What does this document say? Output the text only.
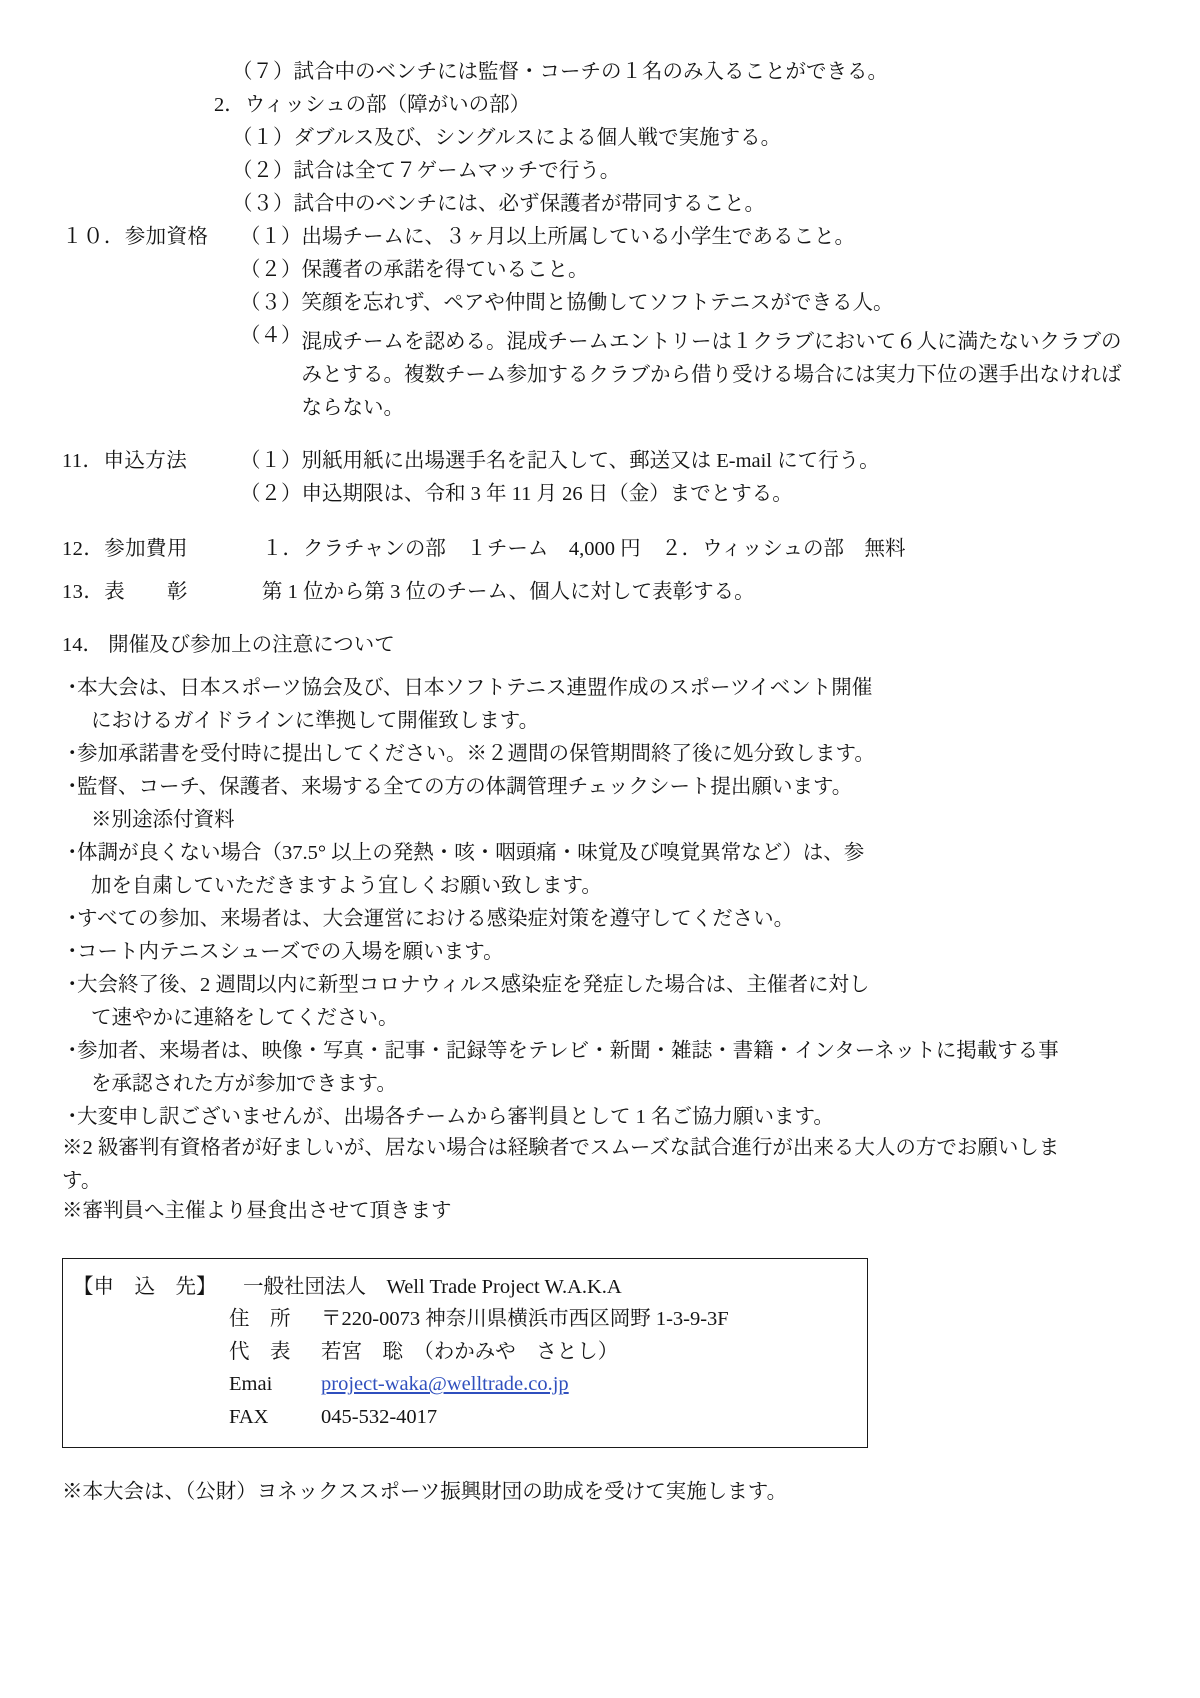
（７）試合中のベンチには監督・コーチの１名のみ入ることができる。
2．ウィッシュの部（障がいの部）
（１）ダブルス及び、シングルスによる個人戦で実施する。
（２）試合は全て７ゲームマッチで行う。
（３）試合中のベンチには、必ず保護者が帯同すること。
１０．参加資格	（１） 出場チームに、３ヶ月以上所属している小学生であること。
（２） 保護者の承諾を得ていること。
（３） 笑顔を忘れず、ペアや仲間と協働してソフトテニスができる人。
（４） 混成チームを認める。混成チームエントリーは１クラブにおいて６人に満たないクラブのみとする。複数チーム参加するクラブから借り受ける場合には実力下位の選手出なければならない。
11．申込方法	（１） 別紙用紙に出場選手名を記入して、郵送又は E-mail にて行う。
（２） 申込期限は、令和 3 年 11 月 26 日（金）までとする。
12．参加費用	１．クラチャンの部　１チーム　4,000 円　２．ウィッシュの部　無料
13．表　　彰	第 1 位から第 3 位のチーム、個人に対して表彰する。
14． 開催及び参加上の注意について
・
本大会は、日本スポーツ協会及び、日本ソフトテニス連盟作成のスポーツイベント開催
におけるガイドラインに準拠して開催致します。
・
参加承諾書を受付時に提出してください。※２週間の保管期間終了後に処分致します。
・
監督、コーチ、保護者、来場する全ての方の体調管理チェックシート提出願います。
※別途添付資料
・
体調が良くない場合（37.5° 以上の発熱・咳・咽頭痛・味覚及び嗅覚異常など）は、参
加を自粛していただきますよう宜しくお願い致します。
・
すべての参加、来場者は、大会運営における感染症対策を遵守してください。
・
コート内テニスシューズでの入場を願います。
・
大会終了後、2 週間以内に新型コロナウィルス感染症を発症した場合は、主催者に対し
て速やかに連絡をしてください。
・
参加者、来場者は、映像・写真・記事・記録等をテレビ・新聞・雑誌・書籍・インターネットに掲載する事
を承認された方が参加できます。
・
大変申し訳ございませんが、出場各チームから審判員として 1 名ご協力願います。
※2 級審判有資格者が好ましいが、居ない場合は経験者でスムーズな試合進行が出来る大人の方でお願いしま
す。
※審判員へ主催より昼食出させて頂きます
【申　込　先】	一般社団法人　Well Trade Project W.A.K.A
住　所	〒220-0073 神奈川県横浜市西区岡野 1-3-9-3F
代　表	若宮　聡　（わかみや　さとし）
Emai	project-waka@welltrade.co.jp
FAX	045-532-4017
※本大会は、（公財）ヨネックススポーツ振興財団の助成を受けて実施します。
